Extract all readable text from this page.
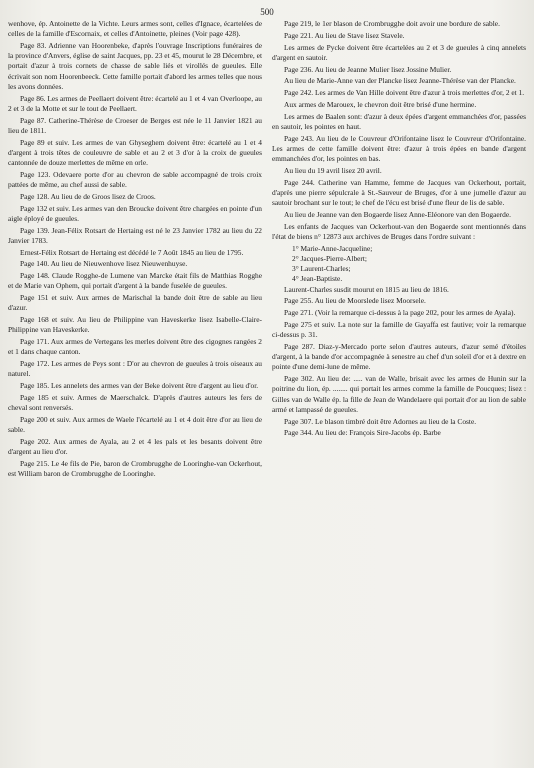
500

wenhove, ép. Antoinette de la Vichte. Leurs armes sont, celles d'Ignace, écartelées de celles de la famille d'Escornaix, et celles d'Antoinette, pleines (Voir page 428).

Page 83. Adrienne van Hoorenbeke, d'après l'ouvrage Inscriptions funéraires de la province d'Anvers, église de saint Jacques, pp. 23 et 45, mourut le 28 Décembre, et portait d'azur à trois cornets de chasse de sable liés et virollés de gueules. Elle écrivait son nom Hoorenbeeck. Cette famille portait d'abord les armes telles que nous les avons données.

Page 86. Les armes de Peellaert doivent être: écartelé au 1 et 4 van Overloope, au 2 et 3 de la Motte et sur le tout de Peellaert.

Page 87. Catherine-Thérèse de Croeser de Berges est née le 11 Janvier 1821 au lieu de 1811.

Page 89 et suiv. Les armes de van Ghyseghem doivent être: écartelé au 1 et 4 d'argent à trois têtes de couleuvre de sable et au 2 et 3 d'or à la croix de gueules cantonnée de douze merlettes de même en orle.

Page 123. Odevaere porte d'or au chevron de sable accompagné de trois croix pattées de même, au chef aussi de sable.

Page 128. Au lieu de de Groos lisez de Croos.

Page 132 et suiv. Les armes van den Broucke doivent être chargées en pointe d'un aigle éployé de gueules.

Page 139. Jean-Félix Rotsart de Hertaing est né le 23 Janvier 1782 au lieu du 22 Janvier 1783.

Ernest-Félix Rotsart de Hertaing est décédé le 7 Août 1845 au lieu de 1795.

Page 140. Au lieu de Nieuwenhove lisez Nieuwenhuyse.

Page 148. Claude Rogghe-de Lumene van Marcke était fils de Matthias Rogghe et de Marie van Ophem, qui portait d'argent à la bande fuselée de gueules.

Page 151 et suiv. Aux armes de Marischal la bande doit être de sable au lieu d'azur.

Page 168 et suiv. Au lieu de Philippine van Haveskerke lisez Isabelle-Claire-Philippine van Haveskerke.

Page 171. Aux armes de Vertegans les merles doivent être des cigognes rangées 2 et 1 dans chaque canton.

Page 172. Les armes de Peys sont : D'or au chevron de gueules à trois oiseaux au naturel.

Page 185. Les annelets des armes van der Beke doivent être d'argent au lieu d'or.

Page 185 et suiv. Armes de Maerschalck. D'après d'autres auteurs les fers de cheval sont renversés.

Page 200 et suiv. Aux armes de Waele l'écartelé au 1 et 4 doit être d'or au lieu de sable.

Page 202. Aux armes de Ayala, au 2 et 4 les pals et les besants doivent être d'argent au lieu d'or.

Page 215. Le 4e fils de Pie, baron de Crombrugghe de Looringhe-van Ockerhout, est William baron de Crombrugghe de Looringhe.

Page 219, le 1er blason de Crombrugghe doit avoir une bordure de sable.

Page 221. Au lieu de Stave lisez Stavele.

Les armes de Pycke doivent être écartelées au 2 et 3 de gueules à cinq annelets d'argent en sautoir.

Page 236. Au lieu de Jeanne Mulier lisez Jossine Mulier.

Au lieu de Marie-Anne van der Plancke lisez Jeanne-Thérèse van der Plancke.

Page 242. Les armes de Van Hille doivent être d'azur à trois merlettes d'or, 2 et 1.

Aux armes de Marouex, le chevron doit être brisé d'une hermine.

Les armes de Baalen sont: d'azur à deux épées d'argent emmanchées d'or, passées en sautoir, les pointes en haut.

Page 243. Au lieu de le Couvreur d'Orifontaine lisez le Couvreur d'Orifontaine. Les armes de cette famille doivent être: d'azur à trois épées en bande d'argent emmanchées d'or, les pointes en bas.

Au lieu du 19 avril lisez 20 avril.

Page 244. Catherine van Hamme, femme de Jacques van Ockerhout, portait, d'après une pierre sépulcrale à St.-Sauveur de Bruges, d'or à une jumelle d'azur au sautoir brochant sur le tout; le chef de l'écu est brisé d'une fleur de lis de sable.

Au lieu de Jeanne van den Bogaerde lisez Anne-Eléonore van den Bogaerde.

Les enfants de Jacques van Ockerhout-van den Bogaerde sont mentionnés dans l'état de biens n° 12873 aux archives de Bruges dans l'ordre suivant :

1° Marie-Anne-Jacqueline;

2° Jacques-Pierre-Albert;

3° Laurent-Charles;

4° Jean-Baptiste.

Laurent-Charles susdit mourut en 1815 au lieu de 1816.

Page 255. Au lieu de Moorslede lisez Moorsele.

Page 271. (Voir la remarque ci-dessus à la page 202, pour les armes de Ayala).

Page 275 et suiv. La note sur la famille de Gayaffa est fautive; voir la remarque ci-dessus p. 31.

Page 287. Diaz-y-Mercado porte selon d'autres auteurs, d'azur semé d'étoiles d'argent, à la bande d'or accompagnée à senestre au chef d'un soleil d'or et à dextre en pointe d'une demi-lune de même.

Page 302. Au lieu de: ..... van de Walle, brisait avec les armes de Hunin sur la poitrine du lion, ép. ........ qui portait les armes comme la famille de Poucques; lisez : Gilles van de Walle ép. la fille de Jean de Wandelaere qui portait d'or au lion de sable armé et lampassé de gueules.

Page 307. Le blason timbré doit être Adornes au lieu de la Coste.

Page 344. Au lieu de: François Sire-Jacobs ép. Barbe
